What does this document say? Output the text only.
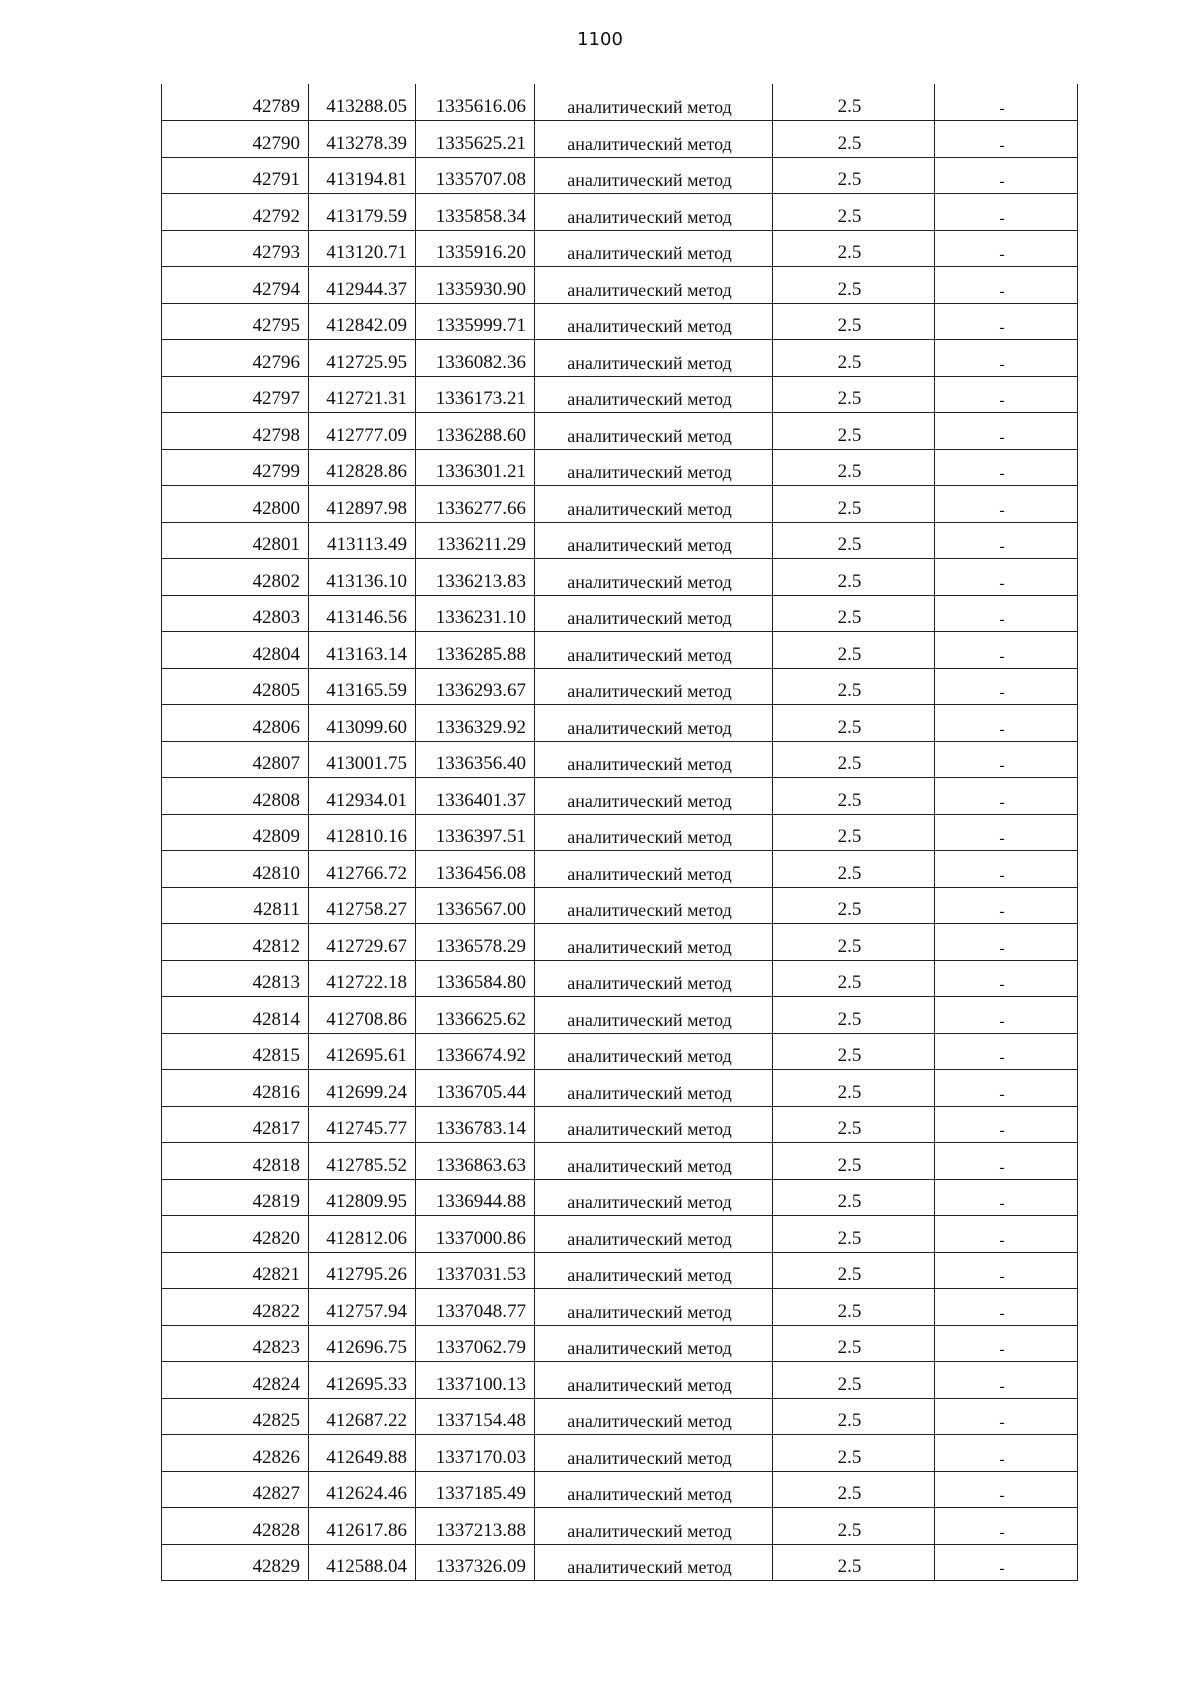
1100
42789	413288.05	1335616.06	аналитический метод	2.5	-
42790	413278.39	1335625.21	аналитический метод	2.5	-
42791	413194.81	1335707.08	аналитический метод	2.5	-
42792	413179.59	1335858.34	аналитический метод	2.5	-
42793	413120.71	1335916.20	аналитический метод	2.5	-
42794	412944.37	1335930.90	аналитический метод	2.5	-
42795	412842.09	1335999.71	аналитический метод	2.5	-
42796	412725.95	1336082.36	аналитический метод	2.5	-
42797	412721.31	1336173.21	аналитический метод	2.5	-
42798	412777.09	1336288.60	аналитический метод	2.5	-
42799	412828.86	1336301.21	аналитический метод	2.5	-
42800	412897.98	1336277.66	аналитический метод	2.5	-
42801	413113.49	1336211.29	аналитический метод	2.5	-
42802	413136.10	1336213.83	аналитический метод	2.5	-
42803	413146.56	1336231.10	аналитический метод	2.5	-
42804	413163.14	1336285.88	аналитический метод	2.5	-
42805	413165.59	1336293.67	аналитический метод	2.5	-
42806	413099.60	1336329.92	аналитический метод	2.5	-
42807	413001.75	1336356.40	аналитический метод	2.5	-
42808	412934.01	1336401.37	аналитический метод	2.5	-
42809	412810.16	1336397.51	аналитический метод	2.5	-
42810	412766.72	1336456.08	аналитический метод	2.5	-
42811	412758.27	1336567.00	аналитический метод	2.5	-
42812	412729.67	1336578.29	аналитический метод	2.5	-
42813	412722.18	1336584.80	аналитический метод	2.5	-
42814	412708.86	1336625.62	аналитический метод	2.5	-
42815	412695.61	1336674.92	аналитический метод	2.5	-
42816	412699.24	1336705.44	аналитический метод	2.5	-
42817	412745.77	1336783.14	аналитический метод	2.5	-
42818	412785.52	1336863.63	аналитический метод	2.5	-
42819	412809.95	1336944.88	аналитический метод	2.5	-
42820	412812.06	1337000.86	аналитический метод	2.5	-
42821	412795.26	1337031.53	аналитический метод	2.5	-
42822	412757.94	1337048.77	аналитический метод	2.5	-
42823	412696.75	1337062.79	аналитический метод	2.5	-
42824	412695.33	1337100.13	аналитический метод	2.5	-
42825	412687.22	1337154.48	аналитический метод	2.5	-
42826	412649.88	1337170.03	аналитический метод	2.5	-
42827	412624.46	1337185.49	аналитический метод	2.5	-
42828	412617.86	1337213.88	аналитический метод	2.5	-
42829	412588.04	1337326.09	аналитический метод	2.5	-
